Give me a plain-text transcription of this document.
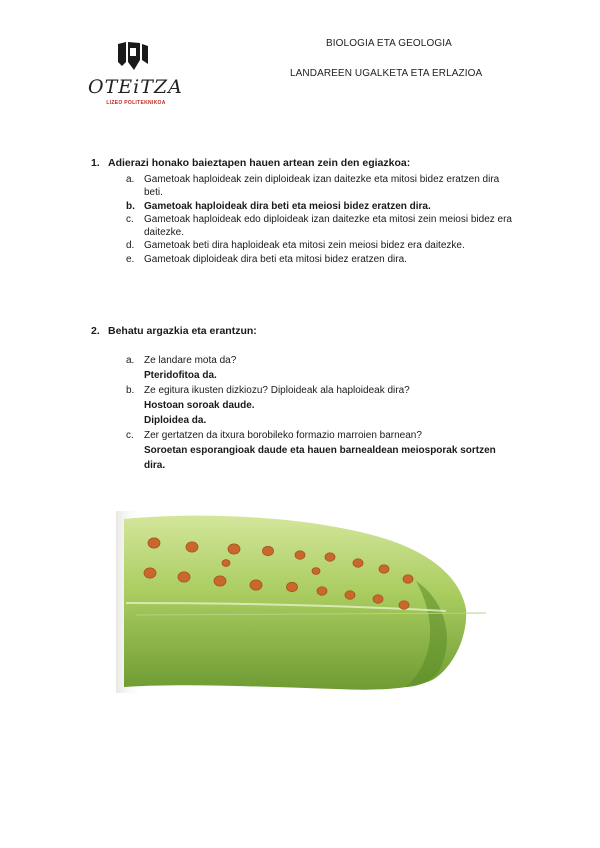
OTEiTZA
LIZEO POLITEKNIKOA
BIOLOGIA ETA GEOLOGIA
LANDAREEN UGALKETA ETA ERLAZIOA
1. Adierazi honako baieztapen hauen artean zein den egiazkoa:
a. Gametoak haploideak zein diploideak izan daitezke eta mitosi bidez eratzen dira beti.
b. Gametoak haploideak dira beti eta meiosi bidez eratzen dira.
c. Gametoak haploideak edo diploideak izan daitezke eta mitosi zein meiosi bidez era daitezke.
d. Gametoak beti dira haploideak eta mitosi zein meiosi bidez era daitezke.
e. Gametoak diploideak dira beti eta mitosi bidez eratzen dira.
2. Behatu argazkia eta erantzun:
a. Ze landare mota da?
Pteridofitoa da.
b. Ze egitura ikusten dizkiozu? Diploideak ala haploideak dira?
Hostoan soroak daude.
Diploidea da.
c. Zer gertatzen da itxura borobileko formazio marroien barnean?
Soroetan esporangioak daude eta hauen barnealdean meiosporak sortzen dira.
